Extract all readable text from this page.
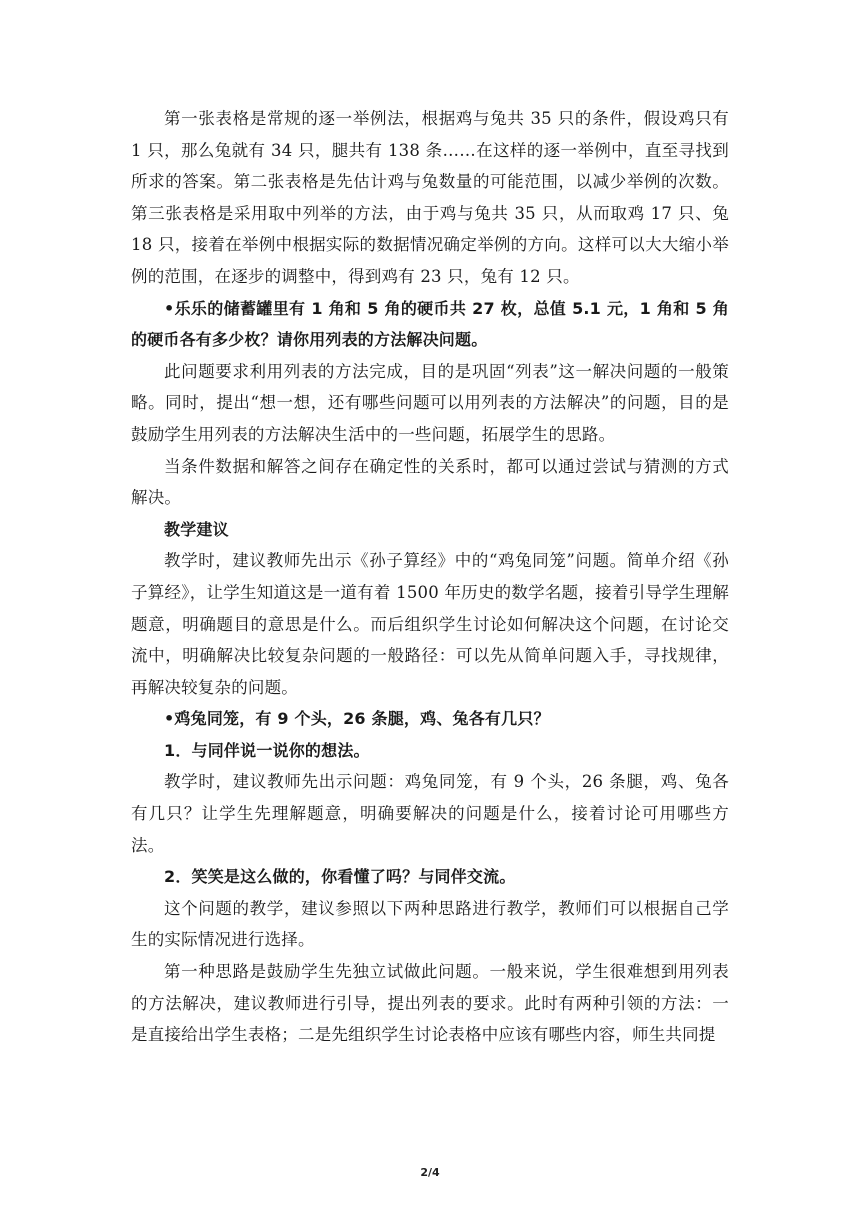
第一张表格是常规的逐一举例法，根据鸡与兔共 35 只的条件，假设鸡只有 1 只，那么兔就有 34 只，腿共有 138 条……在这样的逐一举例中，直至寻找到所求的答案。第二张表格是先估计鸡与兔数量的可能范围，以减少举例的次数。第三张表格是采用取中列举的方法，由于鸡与兔共 35 只，从而取鸡 17 只、兔 18 只，接着在举例中根据实际的数据情况确定举例的方向。这样可以大大缩小举例的范围，在逐步的调整中，得到鸡有 23 只，兔有 12 只。

•乐乐的储蓄罐里有 1 角和 5 角的硬币共 27 枚，总值 5.1 元，1 角和 5 角的硬币各有多少枚？请你用列表的方法解决问题。

此问题要求利用列表的方法完成，目的是巩固“列表”这一解决问题的一般策略。同时，提出“想一想，还有哪些问题可以用列表的方法解决”的问题，目的是鼓励学生用列表的方法解决生活中的一些问题，拓展学生的思路。

当条件数据和解答之间存在确定性的关系时，都可以通过尝试与猜测的方式解决。

教学建议

教学时，建议教师先出示《孙子算经》中的“鸡兔同笼”问题。简单介绍《孙子算经》，让学生知道这是一道有着 1500 年历史的数学名题，接着引导学生理解题意，明确题目的意思是什么。而后组织学生讨论如何解决这个问题，在讨论交流中，明确解决比较复杂问题的一般路径：可以先从简单问题入手，寻找规律，再解决较复杂的问题。

•鸡兔同笼，有 9 个头，26 条腿，鸡、兔各有几只？

1．与同伴说一说你的想法。

教学时，建议教师先出示问题：鸡兔同笼，有 9 个头，26 条腿，鸡、兔各有几只？让学生先理解题意，明确要解决的问题是什么，接着讨论可用哪些方法。

2．笑笑是这么做的，你看懂了吗？与同伴交流。

这个问题的教学，建议参照以下两种思路进行教学，教师们可以根据自己学生的实际情况进行选择。

第一种思路是鼓励学生先独立试做此问题。一般来说，学生很难想到用列表的方法解决，建议教师进行引导，提出列表的要求。此时有两种引领的方法：一是直接给出学生表格；二是先组织学生讨论表格中应该有哪些内容，师生共同提

2/4
